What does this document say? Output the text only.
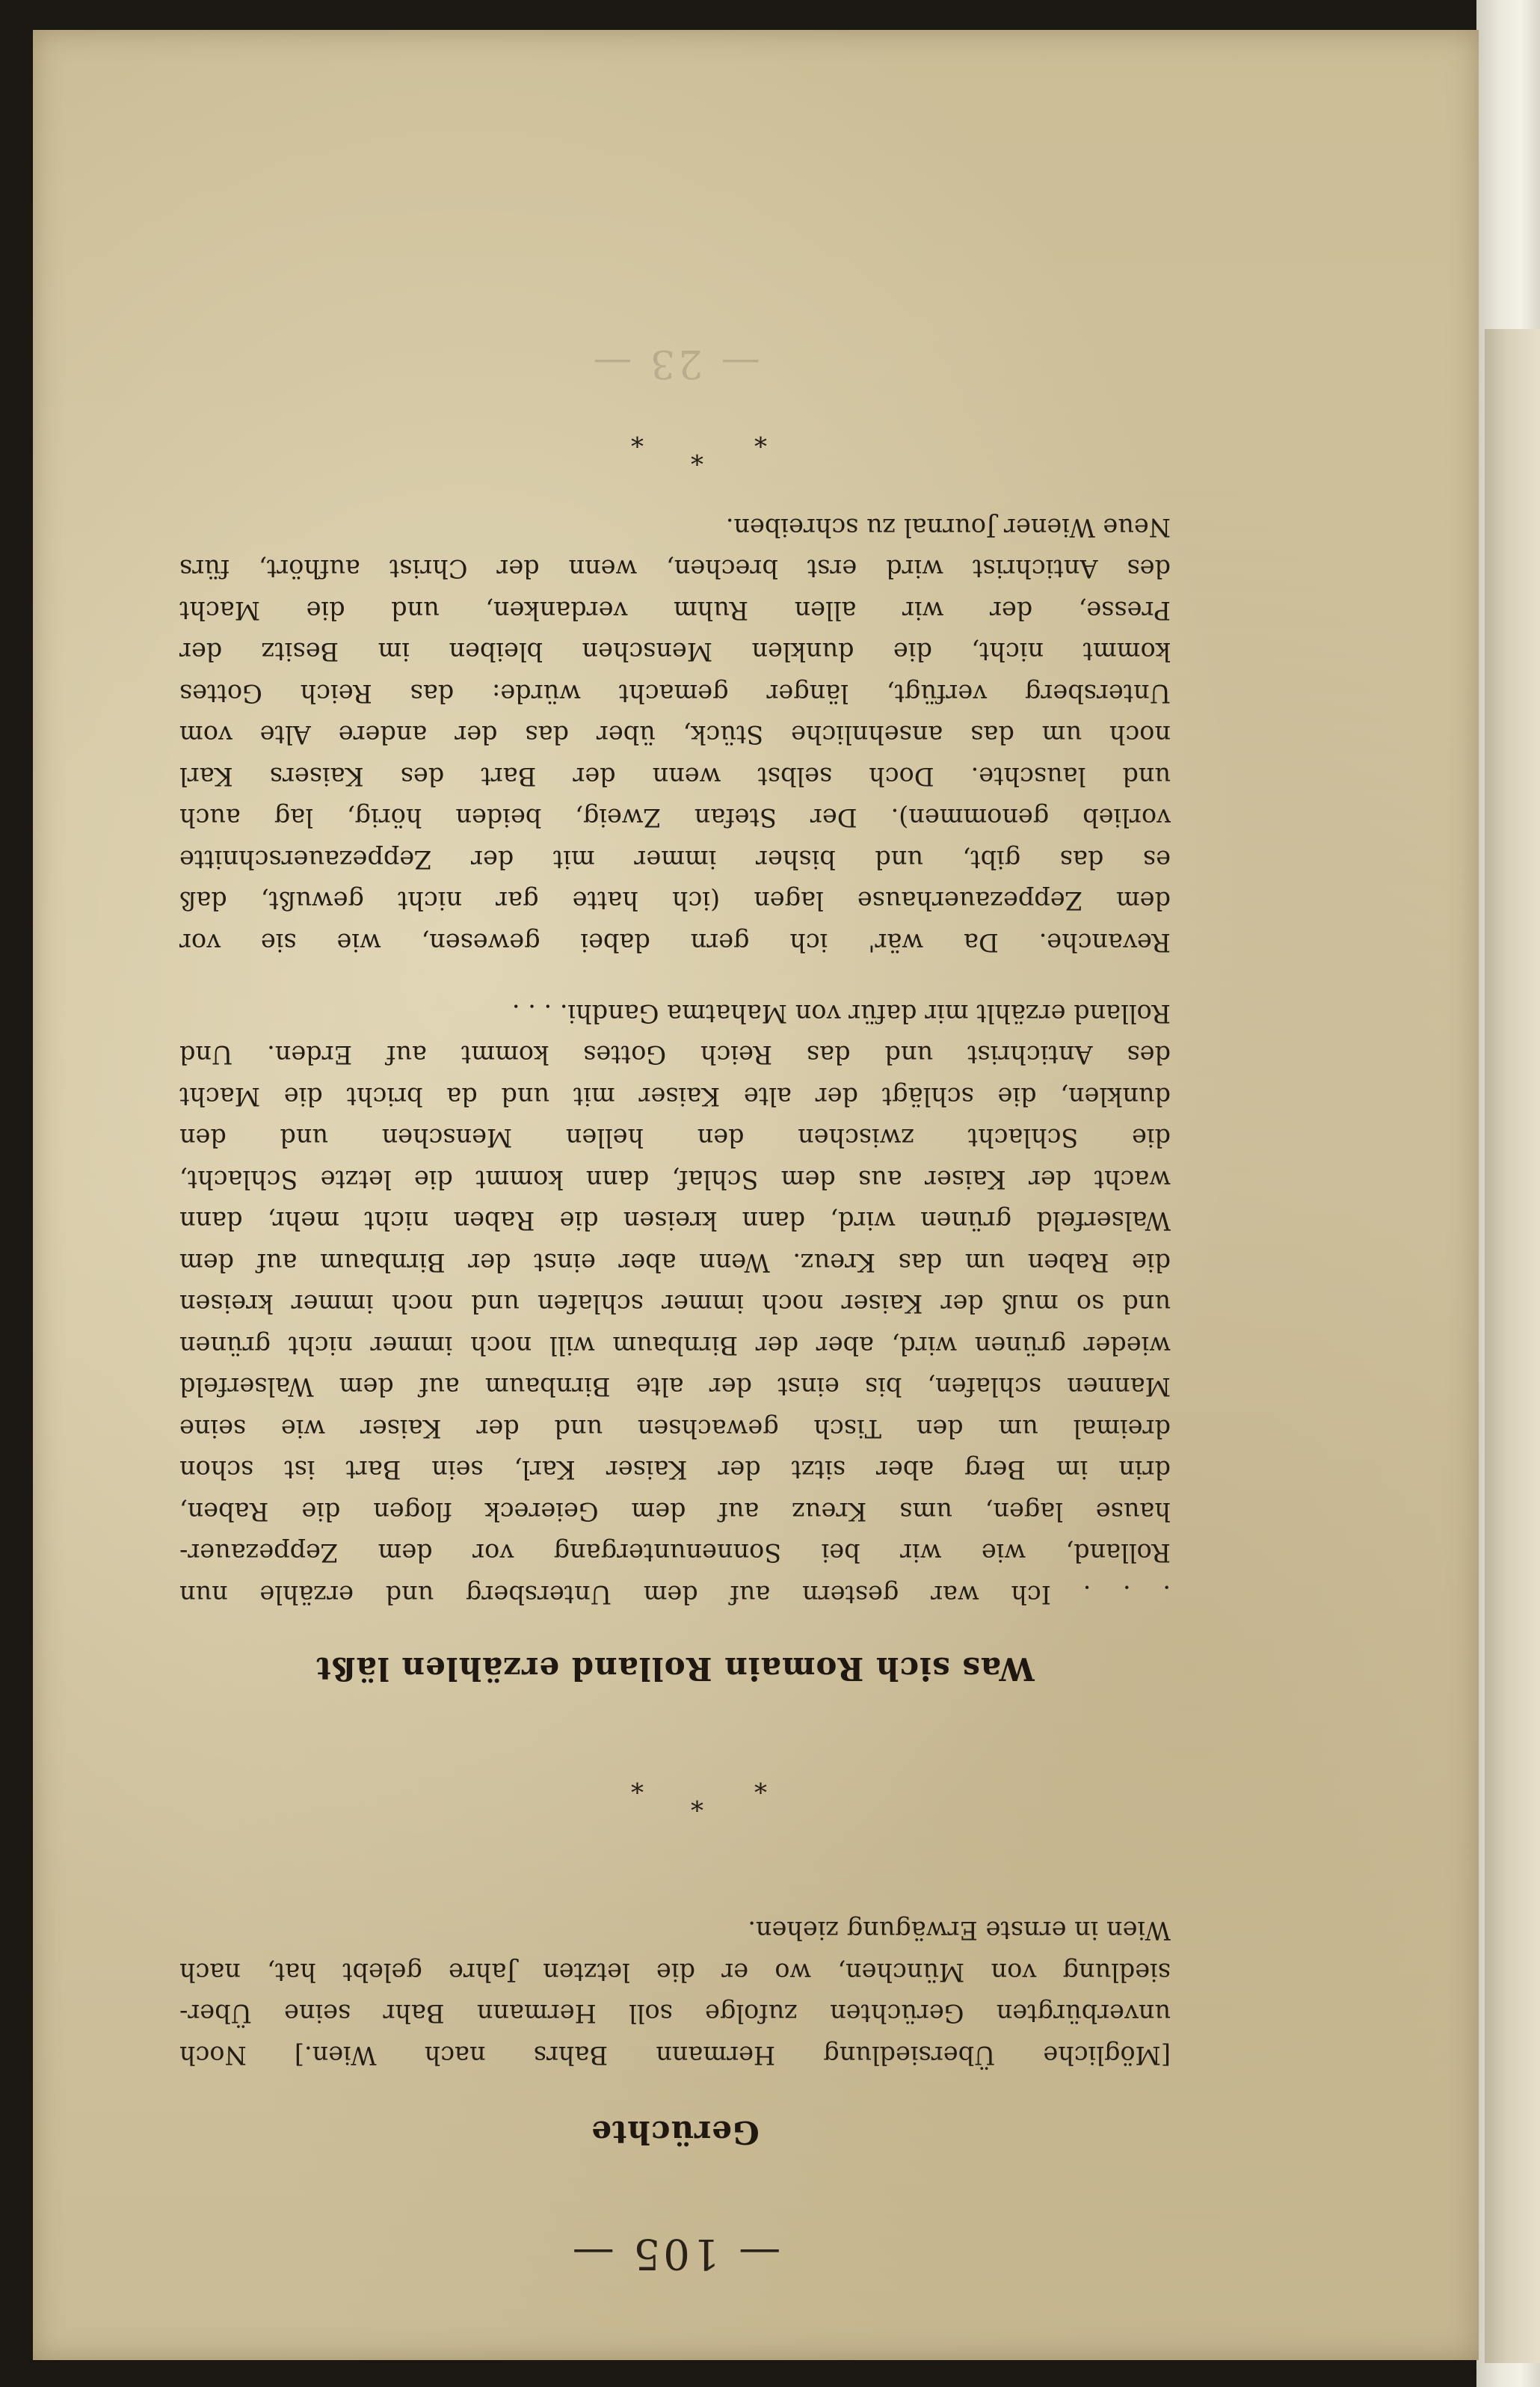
— 105 —
Gerüchte
[Mögliche Übersiedlung Hermann Bahrs nach Wien.] Noch
unverbürgten Gerüchten zufolge soll Hermann Bahr seine Über-
siedlung von München, wo er die letzten Jahre gelebt hat, nach
Wien in ernste Erwägung ziehen.
*
*
*
Was sich Romain Rolland erzählen läßt
. . . Ich war gestern auf dem Untersberg und erzähle nun
Rolland, wie wir bei Sonnenuntergang vor dem Zeppezauer-
hause lagen, ums Kreuz auf dem Geiereck flogen die Raben,
drin im Berg aber sitzt der Kaiser Karl, sein Bart ist schon
dreimal um den Tisch gewachsen und der Kaiser wie seine
Mannen schlafen, bis einst der alte Birnbaum auf dem Walserfeld
wieder grünen wird, aber der Birnbaum will noch immer nicht grünen
und so muß der Kaiser noch immer schlafen und noch immer kreisen
die Raben um das Kreuz. Wenn aber einst der Birnbaum auf dem
Walserfeld grünen wird, dann kreisen die Raben nicht mehr, dann
wacht der Kaiser aus dem Schlaf, dann kommt die letzte Schlacht,
die Schlacht zwischen den hellen Menschen und den
dunklen, die schlägt der alte Kaiser mit und da bricht die Macht
des Antichrist und das Reich Gottes kommt auf Erden. Und
Rolland erzählt mir dafür von Mahatma Gandhi. . . .
Revanche. Da wär' ich gern dabei gewesen, wie sie vor
dem Zeppezauerhause lagen (ich hatte gar nicht gewußt, daß
es das gibt, und bisher immer mit der Zeppezauerschnitte
vorlieb genommen). Der Stefan Zweig, beiden hörig, lag auch
und lauschte. Doch selbst wenn der Bart des Kaisers Karl
noch um das ansehnliche Stück, über das der andere Alte vom
Untersberg verfügt, länger gemacht würde: das Reich Gottes
kommt nicht, die dunklen Menschen bleiben im Besitz der
Presse, der wir allen Ruhm verdanken, und die Macht
des Antichrist wird erst brechen, wenn der Christ aufhört, fürs
Neue Wiener Journal zu schreiben.
*
*
*
— 23 —
